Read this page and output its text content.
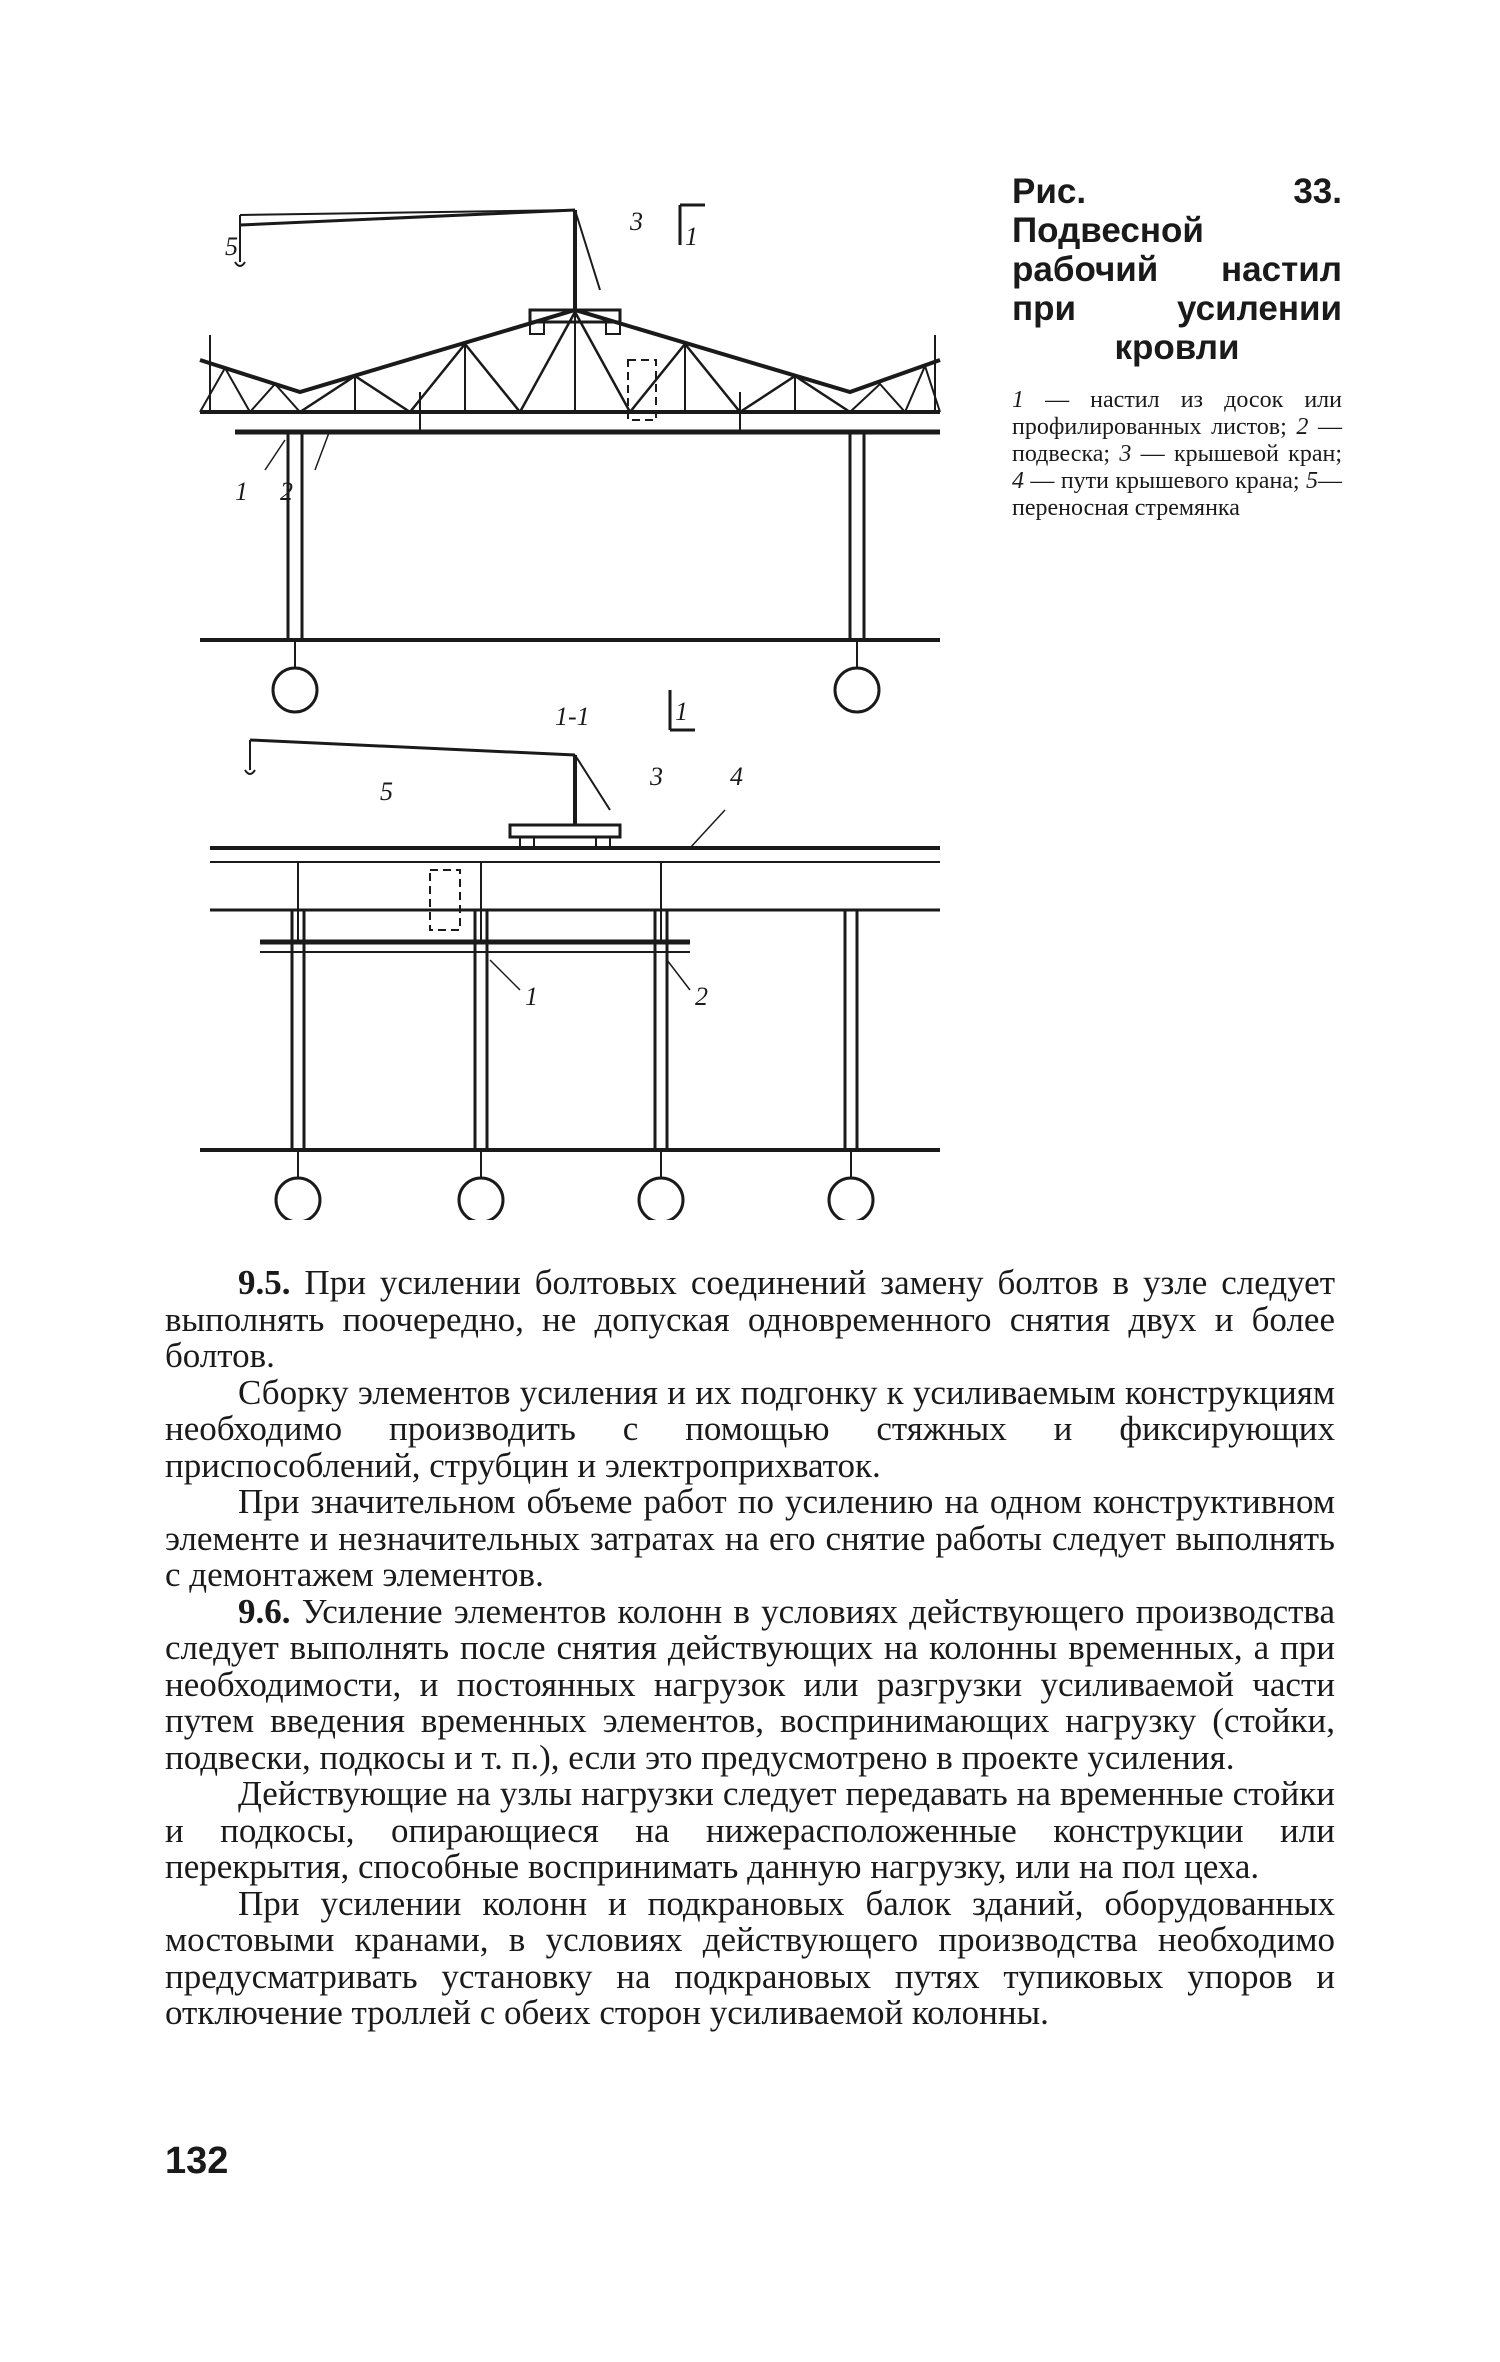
1 2
3
5	1
1-1	1
1	2
3	4
5

Рис. 33. Подвесной рабочий настил при усилении кровли

1 — настил из досок или профилированных листов; 2 — подвеска; 3 — крышевой кран; 4 — пути крышевого крана; 5—переносная стремянка

9.5. При усилении болтовых соединений замену болтов в узле следует выполнять поочередно, не допуская одновременного снятия двух и более болтов.

Сборку элементов усиления и их подгонку к усиливаемым конструкциям необходимо производить с помощью стяжных и фиксирующих приспособлений, струбцин и электроприхваток.

При значительном объеме работ по усилению на одном конструктивном элементе и незначительных затратах на его снятие работы следует выполнять с демонтажем элементов.

9.6. Усиление элементов колонн в условиях действующего производства следует выполнять после снятия действующих на колонны временных, а при необходимости, и постоянных нагрузок или разгрузки усиливаемой части путем введения временных элементов, воспринимающих нагрузку (стойки, подвески, подкосы и т. п.), если это предусмотрено в проекте усиления.

Действующие на узлы нагрузки следует передавать на временные стойки и подкосы, опирающиеся на нижерасположенные конструкции или перекрытия, способные воспринимать данную нагрузку, или на пол цеха.

При усилении колонн и подкрановых балок зданий, оборудованных мостовыми кранами, в условиях действующего производства необходимо предусматривать установку на подкрановых путях тупиковых упоров и отключение троллей с обеих сторон усиливаемой колонны.

132
